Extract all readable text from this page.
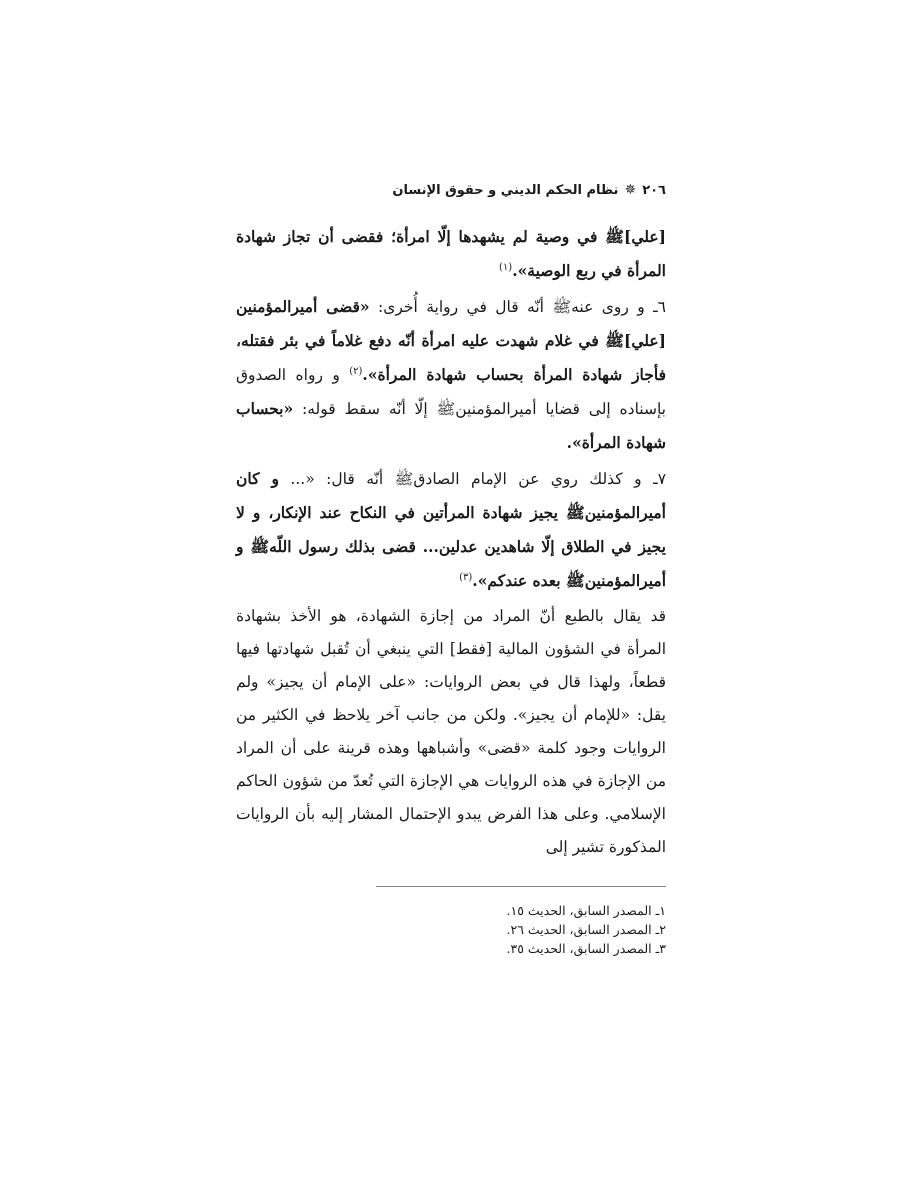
٢٠٦
✵
نظام الحكم الديني و حقوق الإنسان

[علي]ﷺ في وصية لم يشهدها إلّا امرأة؛ فقضى أن تجاز شهادة المرأة في ربع الوصية».$^{(١)}$

٦ـ و روى عنهﷺ أنّه قال في رواية أُخرى: «قضى أميرالمؤمنين [علي]ﷺ في غلام شهدت عليه امرأة أنّه دفع غلاماً في بئر فقتله، فأجاز شهادة المرأة بحساب شهادة المرأة».$^{(٢)}$ و رواه الصدوق بإسناده إلى قضايا أميرالمؤمنينﷺ إلّا أنّه سقط قوله: «بحساب شهادة المرأة».

٧ـ و كذلك روي عن الإمام الصادقﷺ أنّه قال: «... و كان أميرالمؤمنينﷺ يجيز شهادة المرأتين في النكاح عند الإنكار، و لا يجيز في الطلاق إلّا شاهدين عدلين... قضى بذلك رسول اللّهﷺ و أميرالمؤمنينﷺ بعده عندكم».$^{(٣)}$

قد يقال بالطبع أنّ المراد من إجازة الشهادة، هو الأخذ بشهادة المرأة في الشؤون المالية [فقط] التي ينبغي أن تُقبل شهادتها فيها قطعاً، ولهذا قال في بعض الروايات: «على الإمام أن يجيز» ولم يقل: «للإمام أن يجيز». ولكن من جانب آخر يلاحظ في الكثير من الروايات وجود كلمة «قضى» وأشباهها وهذه قرينة على أن المراد من الإجازة في هذه الروايات هي الإجازة التي تُعدّ من شؤون الحاكم الإسلامي. وعلى هذا الفرض يبدو الإحتمال المشار إليه بأن الروايات المذكورة تشير إلى

١ـ المصدر السابق، الحديث ١٥.
٢ـ المصدر السابق، الحديث ٢٦.
٣ـ المصدر السابق، الحديث ٣٥.
